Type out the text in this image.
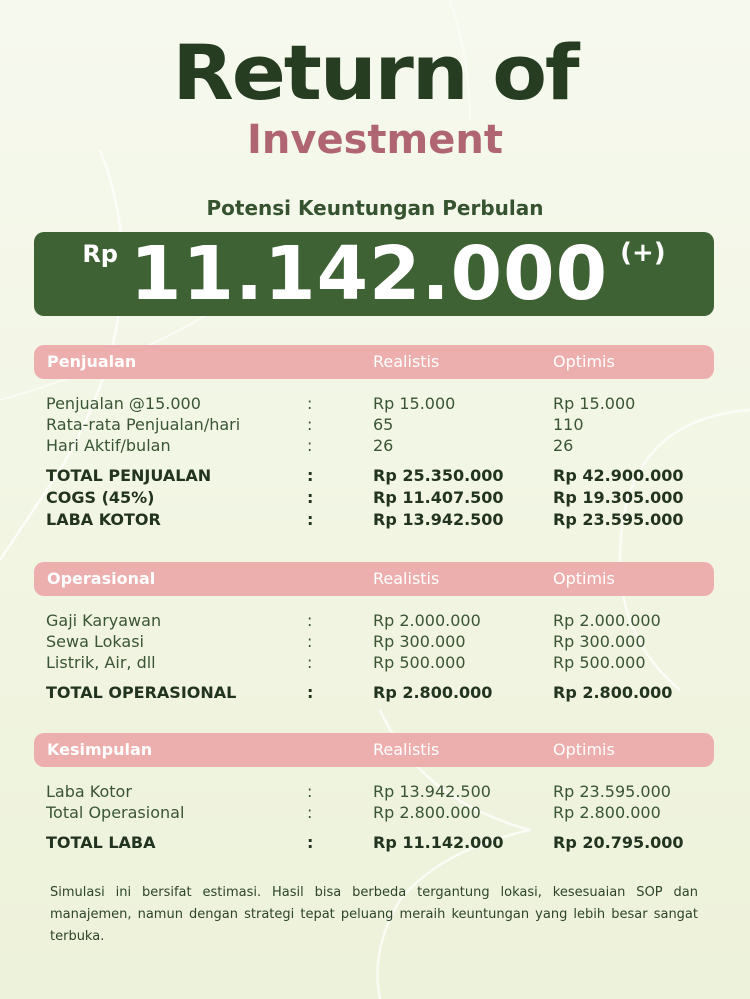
Return of
Investment
Potensi Keuntungan Perbulan
Rp 11.142.000 (+)
Penjualan	Realistis	Optimis
Penjualan @15.000	:	Rp 15.000	Rp 15.000
Rata-rata Penjualan/hari	:	65	110
Hari Aktif/bulan	:	26	26
TOTAL PENJUALAN	:	Rp 25.350.000	Rp 42.900.000
COGS (45%)	:	Rp 11.407.500	Rp 19.305.000
LABA KOTOR	:	Rp 13.942.500	Rp 23.595.000
Operasional	Realistis	Optimis
Gaji Karyawan	:	Rp 2.000.000	Rp 2.000.000
Sewa Lokasi	:	Rp 300.000	Rp 300.000
Listrik, Air, dll	:	Rp 500.000	Rp 500.000
TOTAL OPERASIONAL	:	Rp 2.800.000	Rp 2.800.000
Kesimpulan	Realistis	Optimis
Laba Kotor	:	Rp 13.942.500	Rp 23.595.000
Total Operasional	:	Rp 2.800.000	Rp 2.800.000
TOTAL LABA	:	Rp 11.142.000	Rp 20.795.000
Simulasi ini bersifat estimasi. Hasil bisa berbeda tergantung lokasi, kesesuaian SOP dan manajemen, namun dengan strategi tepat peluang meraih keuntungan yang lebih besar sangat terbuka.
